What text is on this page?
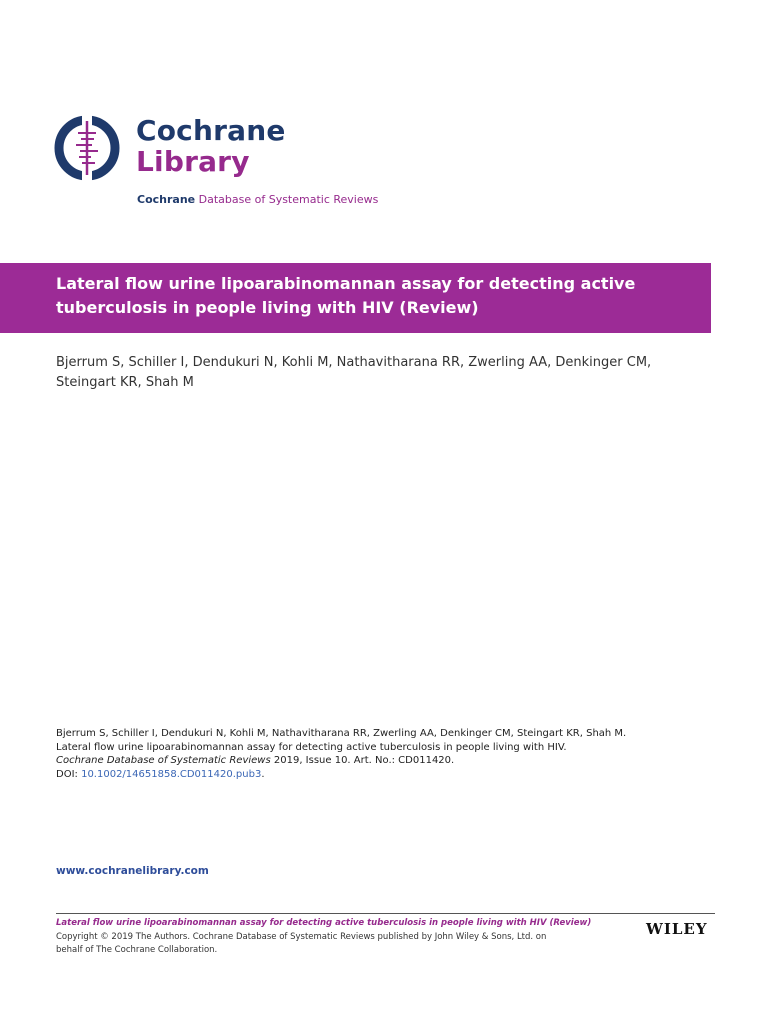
Cochrane
Library
Cochrane Database of Systematic Reviews
Lateral flow urine lipoarabinomannan assay for detecting active tuberculosis in people living with HIV (Review)
Bjerrum S, Schiller I, Dendukuri N, Kohli M, Nathavitharana RR, Zwerling AA, Denkinger CM, Steingart KR, Shah M
Bjerrum S, Schiller I, Dendukuri N, Kohli M, Nathavitharana RR, Zwerling AA, Denkinger CM, Steingart KR, Shah M.
Lateral flow urine lipoarabinomannan assay for detecting active tuberculosis in people living with HIV.
Cochrane Database of Systematic Reviews 2019, Issue 10. Art. No.: CD011420.
DOI: 10.1002/14651858.CD011420.pub3.
www.cochranelibrary.com
Lateral flow urine lipoarabinomannan assay for detecting active tuberculosis in people living with HIV (Review)
Copyright © 2019 The Authors. Cochrane Database of Systematic Reviews published by John Wiley & Sons, Ltd. on
behalf of The Cochrane Collaboration.
WILEY
